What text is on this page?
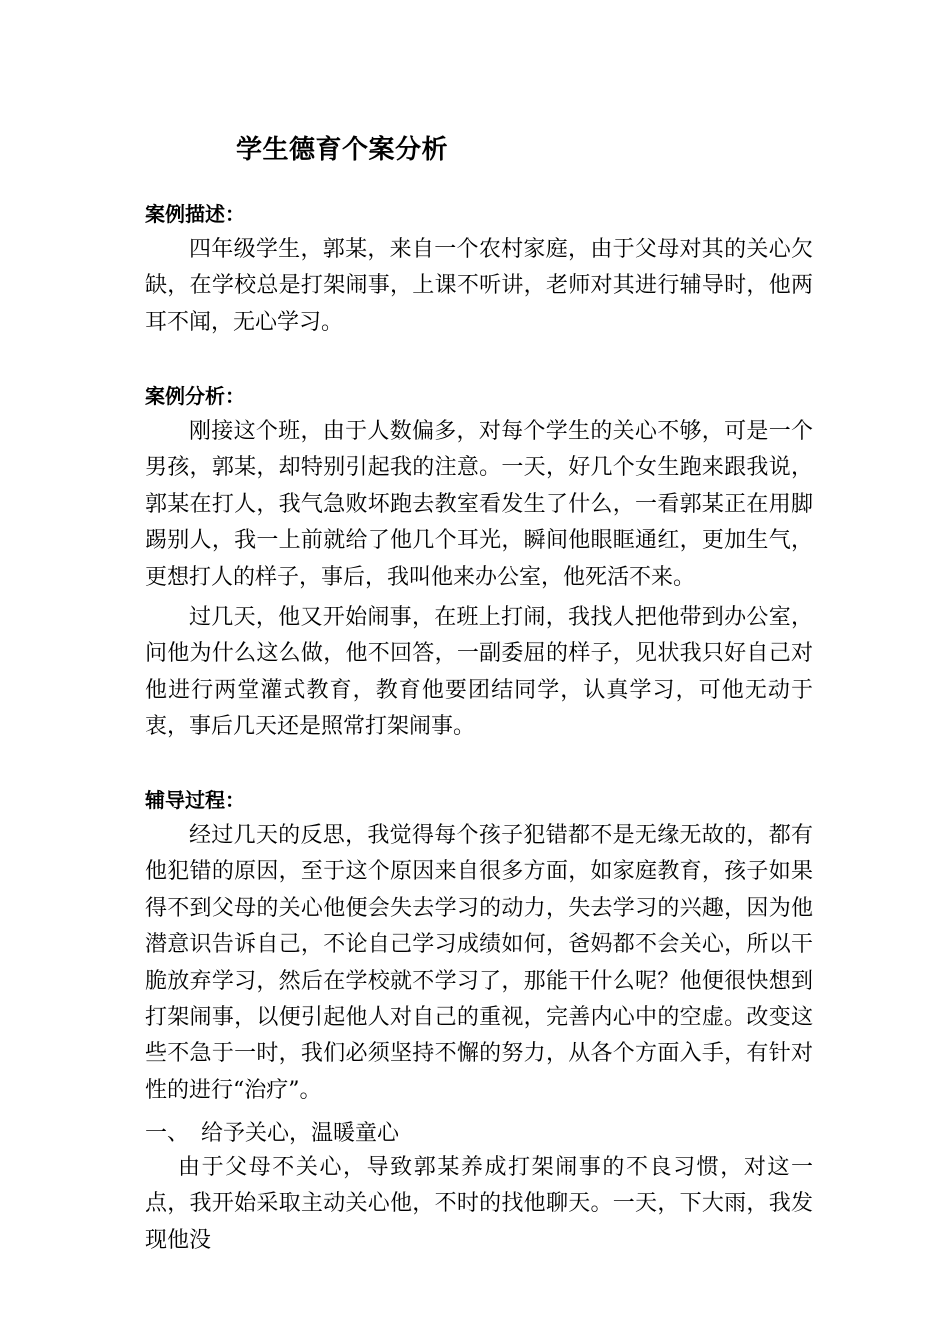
学生德育个案分析
案例描述：

四年级学生，郭某，来自一个农村家庭，由于父母对其的关心欠缺，在学校总是打架闹事，上课不听讲，老师对其进行辅导时，他两耳不闻，无心学习。

案例分析：

刚接这个班，由于人数偏多，对每个学生的关心不够，可是一个男孩，郭某，却特别引起我的注意。一天，好几个女生跑来跟我说，郭某在打人，我气急败坏跑去教室看发生了什么，一看郭某正在用脚踢别人，我一上前就给了他几个耳光，瞬间他眼眶通红，更加生气，更想打人的样子，事后，我叫他来办公室，他死活不来。

过几天，他又开始闹事，在班上打闹，我找人把他带到办公室，问他为什么这么做，他不回答，一副委屈的样子，见状我只好自己对他进行两堂灌式教育，教育他要团结同学，认真学习，可他无动于衷，事后几天还是照常打架闹事。

辅导过程：

经过几天的反思，我觉得每个孩子犯错都不是无缘无故的，都有他犯错的原因，至于这个原因来自很多方面，如家庭教育，孩子如果得不到父母的关心他便会失去学习的动力，失去学习的兴趣，因为他潜意识告诉自己，不论自己学习成绩如何，爸妈都不会关心，所以干脆放弃学习，然后在学校就不学习了，那能干什么呢？他便很快想到打架闹事，以便引起他人对自己的重视，完善内心中的空虚。改变这些不急于一时，我们必须坚持不懈的努力，从各个方面入手，有针对性的进行“治疗”。

一、 给予关心，温暖童心

由于父母不关心，导致郭某养成打架闹事的不良习惯，对这一点，我开始采取主动关心他，不时的找他聊天。一天，下大雨，我发现他没
